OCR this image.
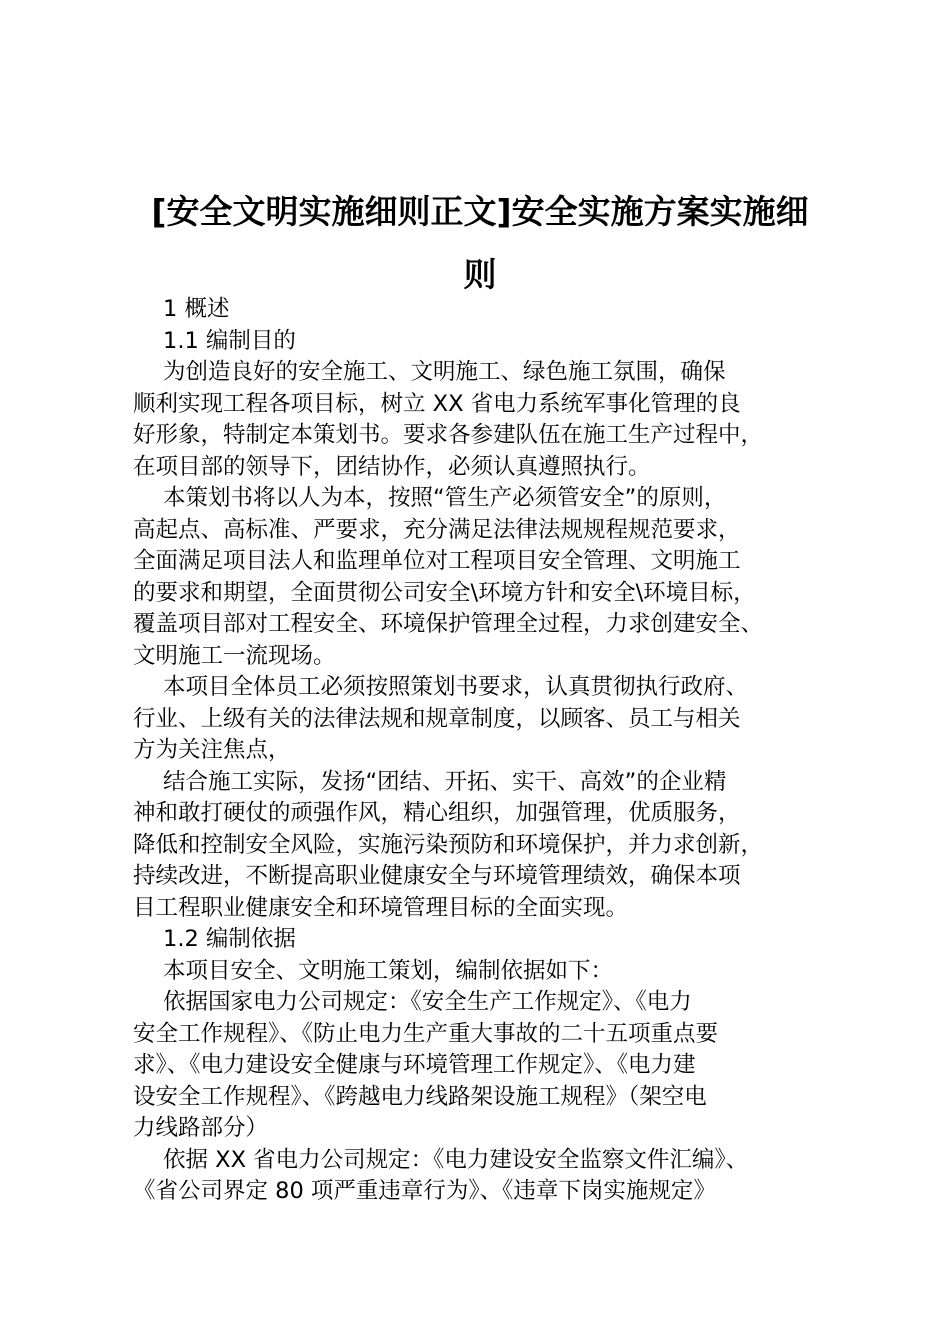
[安全文明实施细则正文]安全实施方案实施细
则
1 概述
1.1 编制目的
为创造良好的安全施工、文明施工、绿色施工氛围，确保
顺利实现工程各项目标，树立 XX 省电力系统军事化管理的良
好形象，特制定本策划书。要求各参建队伍在施工生产过程中，
在项目部的领导下，团结协作，必须认真遵照执行。
本策划书将以人为本，按照“管生产必须管安全”的原则，
高起点、高标准、严要求，充分满足法律法规规程规范要求，
全面满足项目法人和监理单位对工程项目安全管理、文明施工
的要求和期望，全面贯彻公司安全\环境方针和安全\环境目标，
覆盖项目部对工程安全、环境保护管理全过程，力求创建安全、
文明施工一流现场。
本项目全体员工必须按照策划书要求，认真贯彻执行政府、
行业、上级有关的法律法规和规章制度，以顾客、员工与相关
方为关注焦点，
结合施工实际，发扬“团结、开拓、实干、高效”的企业精
神和敢打硬仗的顽强作风，精心组织，加强管理，优质服务，
降低和控制安全风险，实施污染预防和环境保护，并力求创新，
持续改进，不断提高职业健康安全与环境管理绩效，确保本项
目工程职业健康安全和环境管理目标的全面实现。
1.2 编制依据
本项目安全、文明施工策划，编制依据如下：
依据国家电力公司规定：《安全生产工作规定》、《电力
安全工作规程》、《防止电力生产重大事故的二十五项重点要
求》、《电力建设安全健康与环境管理工作规定》、《电力建
设安全工作规程》、《跨越电力线路架设施工规程》（架空电
力线路部分）
依据 XX 省电力公司规定：《电力建设安全监察文件汇编》、
《省公司界定 80 项严重违章行为》、《违章下岗实施规定》
